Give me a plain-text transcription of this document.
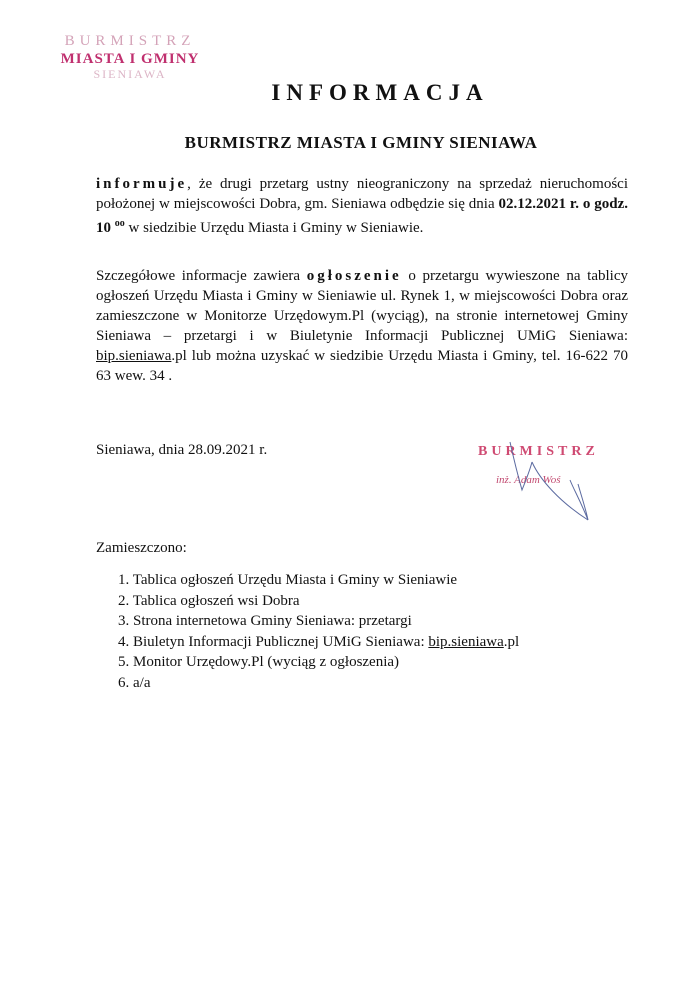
BURMISTRZ
MIASTA I GMINY
SIENIAWA
INFORMACJA
BURMISTRZ MIASTA I GMINY SIENIAWA

informuje, że drugi przetarg ustny nieograniczony na sprzedaż nieruchomości położonej w miejscowości Dobra, gm. Sieniawa odbędzie się dnia 02.12.2021 r. o godz. 10 $^{oo}$ w siedzibie Urzędu Miasta i Gminy w Sieniawie.

Szczegółowe informacje zawiera ogłoszenie o przetargu wywieszone na tablicy ogłoszeń Urzędu Miasta i Gminy w Sieniawie ul. Rynek 1, w miejscowości Dobra oraz zamieszczone w Monitorze Urzędowym.Pl (wyciąg), na stronie internetowej Gminy Sieniawa – przetargi i w Biuletynie Informacji Publicznej UMiG Sieniawa: bip.sieniawa.pl lub można uzyskać w siedzibie Urzędu Miasta i Gminy, tel. 16-622 70 63 wew. 34 .

Sieniawa, dnia 28.09.2021 r.	BURMISTRZ
inż. Adam Woś
Zamieszczono:
1. Tablica ogłoszeń Urzędu Miasta i Gminy w Sieniawie
2. Tablica ogłoszeń wsi Dobra
3. Strona internetowa Gminy Sieniawa: przetargi
4. Biuletyn Informacji Publicznej UMiG Sieniawa: bip.sieniawa.pl
5. Monitor Urzędowy.Pl (wyciąg z ogłoszenia)
6. a/a
